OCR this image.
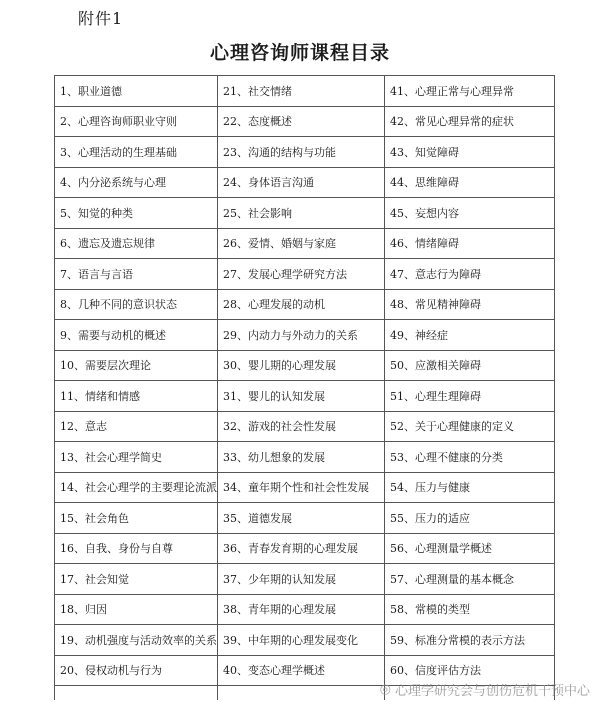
附件1
心理咨询师课程目录
1、职业道德	21、社交情绪	41、心理正常与心理异常
2、心理咨询师职业守则	22、态度概述	42、常见心理异常的症状
3、心理活动的生理基础	23、沟通的结构与功能	43、知觉障碍
4、内分泌系统与心理	24、身体语言沟通	44、思维障碍
5、知觉的种类	25、社会影响	45、妄想内容
6、遗忘及遗忘规律	26、爱情、婚姻与家庭	46、情绪障碍
7、语言与言语	27、发展心理学研究方法	47、意志行为障碍
8、几种不同的意识状态	28、心理发展的动机	48、常见精神障碍
9、需要与动机的概述	29、内动力与外动力的关系	49、神经症
10、需要层次理论	30、婴儿期的心理发展	50、应激相关障碍
11、情绪和情感	31、婴儿的认知发展	51、心理生理障碍
12、意志	32、游戏的社会性发展	52、关于心理健康的定义
13、社会心理学简史	33、幼儿想象的发展	53、心理不健康的分类
14、社会心理学的主要理论流派	34、童年期个性和社会性发展	54、压力与健康
15、社会角色	35、道德发展	55、压力的适应
16、自我、身份与自尊	36、青春发育期的心理发展	56、心理测量学概述
17、社会知觉	37、少年期的认知发展	57、心理测量的基本概念
18、归因	38、青年期的心理发展	58、常模的类型
19、动机强度与活动效率的关系	39、中年期的心理发展变化	59、标准分常模的表示方法
20、侵权动机与行为	40、变态心理学概述	60、信度评估方法

◎ 心理学研究会与创伤危机干预中心
